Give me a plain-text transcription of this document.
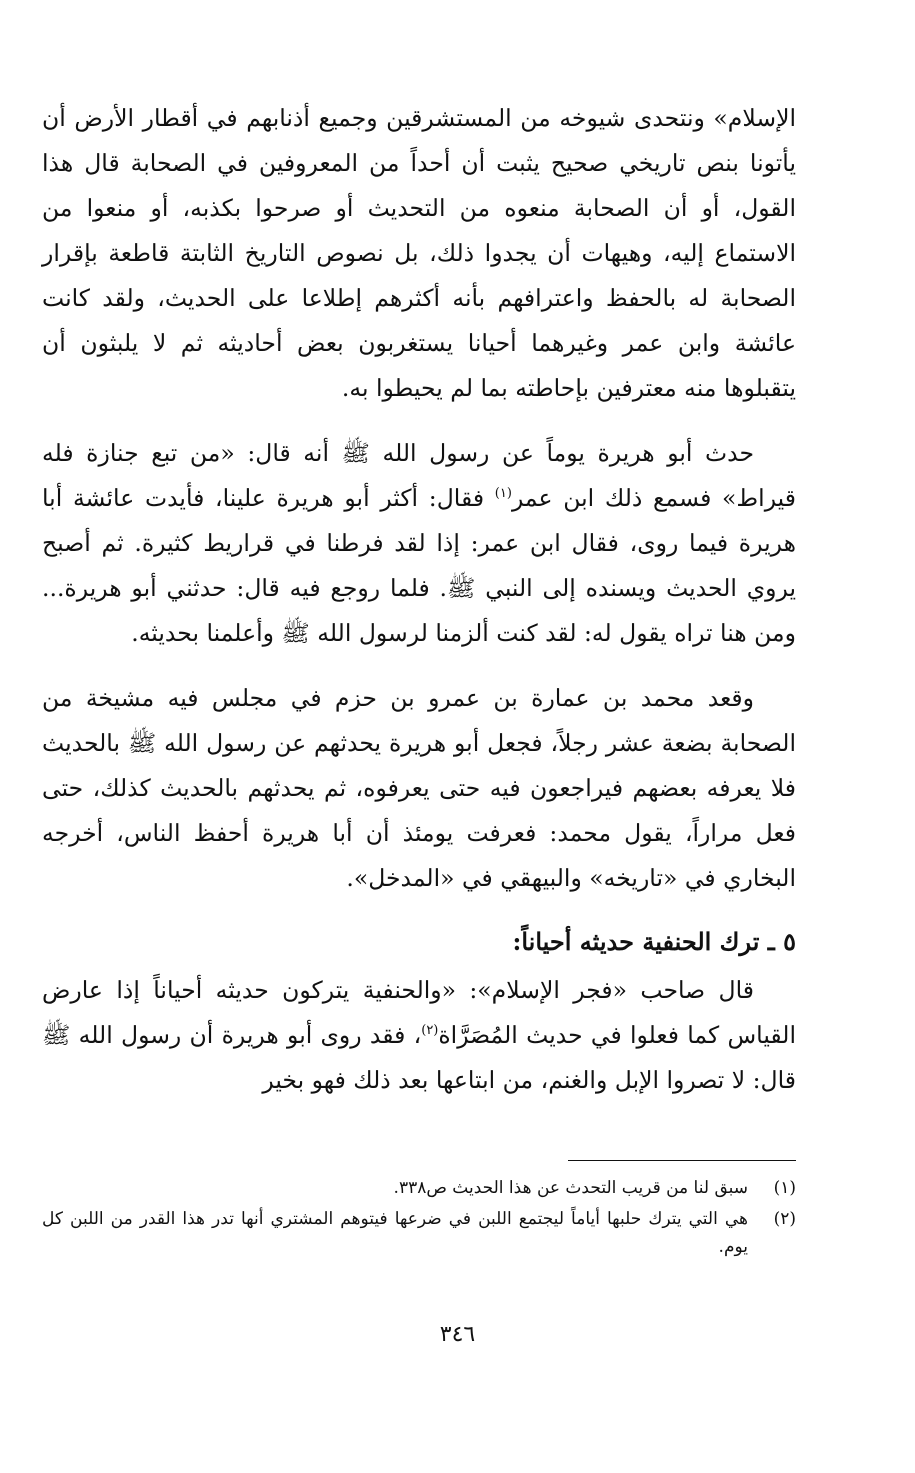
الإسلام» ونتحدى شيوخه من المستشرقين وجميع أذنابهم في أقطار الأرض أن يأتونا بنص تاريخي صحيح يثبت أن أحداً من المعروفين في الصحابة قال هذا القول، أو أن الصحابة منعوه من التحديث أو صرحوا بكذبه، أو منعوا من الاستماع إليه، وهيهات أن يجدوا ذلك، بل نصوص التاريخ الثابتة قاطعة بإقرار الصحابة له بالحفظ واعترافهم بأنه أكثرهم إطلاعا على الحديث، ولقد كانت عائشة وابن عمر وغيرهما أحيانا يستغربون بعض أحاديثه ثم لا يلبثون أن يتقبلوها منه معترفين بإحاطته بما لم يحيطوا به.

حدث أبو هريرة يوماً عن رسول الله ﷺ أنه قال: «من تبع جنازة فله قيراط» فسمع ذلك ابن عمر$^{(١)}$ فقال: أكثر أبو هريرة علينا، فأيدت عائشة أبا هريرة فيما روى، فقال ابن عمر: إذا لقد فرطنا في قراريط كثيرة. ثم أصبح يروي الحديث ويسنده إلى النبي ﷺ. فلما روجع فيه قال: حدثني أبو هريرة... ومن هنا تراه يقول له: لقد كنت ألزمنا لرسول الله ﷺ وأعلمنا بحديثه.

وقعد محمد بن عمارة بن عمرو بن حزم في مجلس فيه مشيخة من الصحابة بضعة عشر رجلاً، فجعل أبو هريرة يحدثهم عن رسول الله ﷺ بالحديث فلا يعرفه بعضهم فيراجعون فيه حتى يعرفوه، ثم يحدثهم بالحديث كذلك، حتى فعل مراراً، يقول محمد: فعرفت يومئذ أن أبا هريرة أحفظ الناس، أخرجه البخاري في «تاريخه» والبيهقي في «المدخل».

٥ ـ ترك الحنفية حديثه أحياناً:

قال صاحب «فجر الإسلام»: «والحنفية يتركون حديثه أحياناً إذا عارض القياس كما فعلوا في حديث المُصَرَّاة$^{(٢)}$، فقد روى أبو هريرة أن رسول الله ﷺ قال: لا تصروا الإبل والغنم، من ابتاعها بعد ذلك فهو بخير

(١)
سبق لنا من قريب التحدث عن هذا الحديث ص٣٣٨.
(٢)
هي التي يترك حلبها أياماً ليجتمع اللبن في ضرعها فيتوهم المشتري أنها تدر هذا القدر من اللبن كل يوم.
٣٤٦
